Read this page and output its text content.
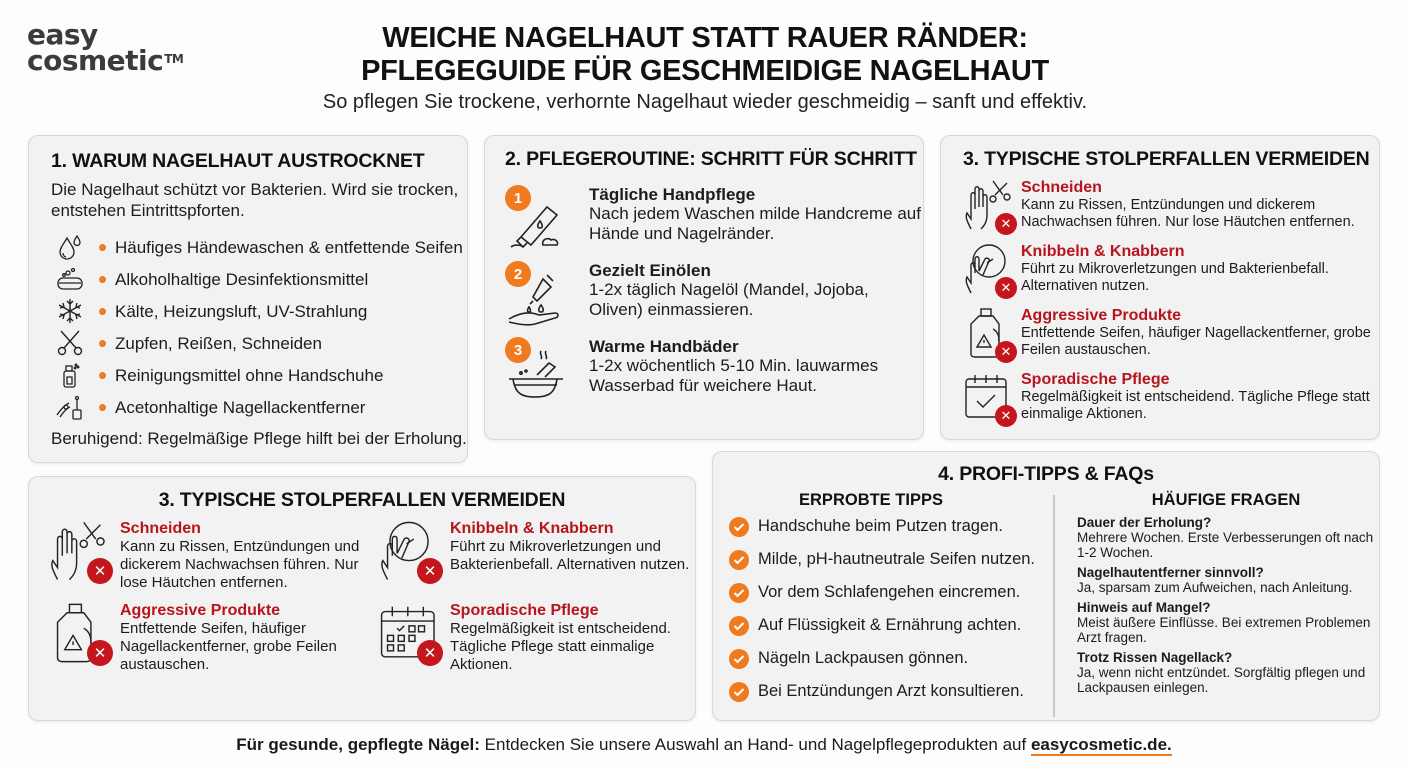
easy
cosmetic™
WEICHE NAGELHAUT STATT RAUER RÄNDER:
PFLEGEGUIDE FÜR GESCHMEIDIGE NAGELHAUT
So pflegen Sie trockene, verhornte Nagelhaut wieder geschmeidig – sanft und effektiv.
1. WARUM NAGELHAUT AUSTROCKNET
Die Nagelhaut schützt vor Bakterien. Wird sie trocken, entstehen Eintrittspforten.
Häufiges Händewaschen & entfettende Seifen
Alkoholhaltige Desinfektionsmittel
Kälte, Heizungsluft, UV-Strahlung
Zupfen, Reißen, Schneiden
Reinigungsmittel ohne Handschuhe
Acetonhaltige Nagellackentferner
Beruhigend: Regelmäßige Pflege hilft bei der Erholung.
2. PFLEGEROUTINE: SCHRITT FÜR SCHRITT
1	Tägliche Handpflege
Nach jedem Waschen milde Handcreme auf Hände und Nagelränder.
2	Gezielt Einölen
1-2x täglich Nagelöl (Mandel, Jojoba, Oliven) einmassieren.
3	Warme Handbäder
1-2x wöchentlich 5-10 Min. lauwarmes Wasserbad für weichere Haut.
3. TYPISCHE STOLPERFALLEN VERMEIDEN
✕
Schneiden
Kann zu Rissen, Entzündungen und dickerem Nachwachsen führen. Nur lose Häutchen entfernen.
✕
Knibbeln & Knabbern
Führt zu Mikroverletzungen und Bakterienbefall. Alternativen nutzen.
✕
Aggressive Produkte
Entfettende Seifen, häufiger Nagellackentferner, grobe Feilen austauschen.
✕
Sporadische Pflege
Regelmäßigkeit ist entscheidend. Tägliche Pflege statt einmalige Aktionen.
3. TYPISCHE STOLPERFALLEN VERMEIDEN
✕
Schneiden
Kann zu Rissen, Entzündungen und dickerem Nachwachsen führen. Nur lose Häutchen entfernen.
✕
Knibbeln & Knabbern
Führt zu Mikroverletzungen und Bakterienbefall. Alternativen nutzen.
✕
Aggressive Produkte
Entfettende Seifen, häufiger Nagellackentferner, grobe Feilen austauschen.
✕
Sporadische Pflege
Regelmäßigkeit ist entscheidend. Tägliche Pflege statt einmalige Aktionen.
4. PROFI-TIPPS & FAQs
ERPROBTE TIPPS
Handschuhe beim Putzen tragen.
Milde, pH-hautneutrale Seifen nutzen.
Vor dem Schlafengehen eincremen.
Auf Flüssigkeit & Ernährung achten.
Nägeln Lackpausen gönnen.
Bei Entzündungen Arzt konsultieren.
HÄUFIGE FRAGEN
Dauer der Erholung?
Mehrere Wochen. Erste Verbesserungen oft nach 1-2 Wochen.
Nagelhautentferner sinnvoll?
Ja, sparsam zum Aufweichen, nach Anleitung.
Hinweis auf Mangel?
Meist äußere Einflüsse. Bei extremen Problemen Arzt fragen.
Trotz Rissen Nagellack?
Ja, wenn nicht entzündet. Sorgfältig pflegen und Lackpausen einlegen.
Für gesunde, gepflegte Nägel: Entdecken Sie unsere Auswahl an Hand- und Nagelpflegeprodukten auf easycosmetic.de.
